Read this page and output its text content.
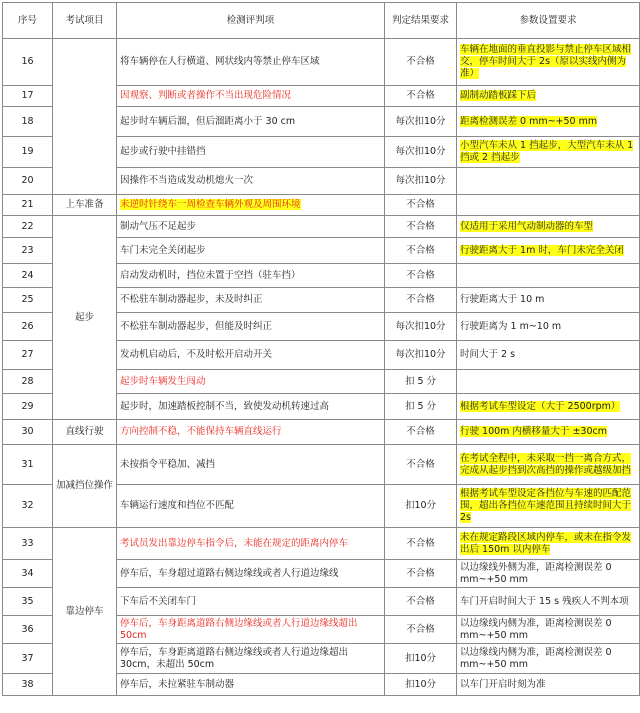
序号	考试项目	检测评判项	判定结果要求	参数设置要求
16		将车辆停在人行横道、网状线内等禁止停车区域	不合格	车辆在地面的垂直投影与禁止停车区域相交，停车时间大于 2s（原以实线内侧为准）
17		因观察、判断或者操作不当出现危险情况	不合格	副制动踏板踩下后
18		起步时车辆后溜，但后溜距离小于 30 cm	每次扣10分	距离检测误差 0 mm~+50 mm
19		起步或行驶中挂错挡	每次扣10分	小型汽车未从 1 挡起步，大型汽车未从 1 挡或 2 挡起步
20		因操作不当造成发动机熄火一次	每次扣10分	
21	上车准备	未逆时针绕车一周检查车辆外观及周围环境	不合格	
22	起步	制动气压不足起步	不合格	仅适用于采用气动制动器的车型
23		车门未完全关闭起步	不合格	行驶距离大于 1m 时，车门未完全关闭
24		启动发动机时，挡位未置于空挡（驻车挡）	不合格	
25		不松驻车制动器起步，未及时纠正	不合格	行驶距离大于 10 m
26		不松驻车制动器起步，但能及时纠正	每次扣10分	行驶距离为 1 m~10 m
27		发动机启动后，不及时松开启动开关	每次扣10分	时间大于 2 s
28		起步时车辆发生闯动	扣 5 分	
29		起步时，加速踏板控制不当，致使发动机转速过高	扣 5 分	根据考试车型设定（大于 2500rpm）
30	直线行驶	方向控制不稳，不能保持车辆直线运行	不合格	行驶 100m 内横移量大于 ±30cm
31	加减挡位操作	未按指令平稳加、减挡	不合格	在考试全程中，未采取一挡一离合方式，完成从起步挡到次高挡的操作或越级加挡
32		车辆运行速度和挡位不匹配	扣10分	根据考试车型设定各挡位与车速的匹配范围，超出各挡位车速范围且持续时间大于 2s
33	靠边停车	考试员发出靠边停车指令后，未能在规定的距离内停车	不合格	未在规定路段区域内停车，或未在指令发出后 150m 以内停车
34		停车后，车身超过道路右侧边缘线或者人行道边缘线	不合格	以边缘线外侧为准，距离检测误差 0 mm~+50 mm
35		下车后不关闭车门	不合格	车门开启时间大于 15 s 残疾人不判本项
36		停车后，车身距离道路右侧边缘线或者人行道边缘线超出 50cm	不合格	以边缘线内侧为准，距离检测误差 0 mm~+50 mm
37		停车后，车身距离道路右侧边缘线或者人行道边缘超出 30cm，未超出 50cm	扣10分	以边缘线内侧为准，距离检测误差 0 mm~+50 mm
38		停车后，未拉紧驻车制动器	扣10分	以车门开启时刻为准
